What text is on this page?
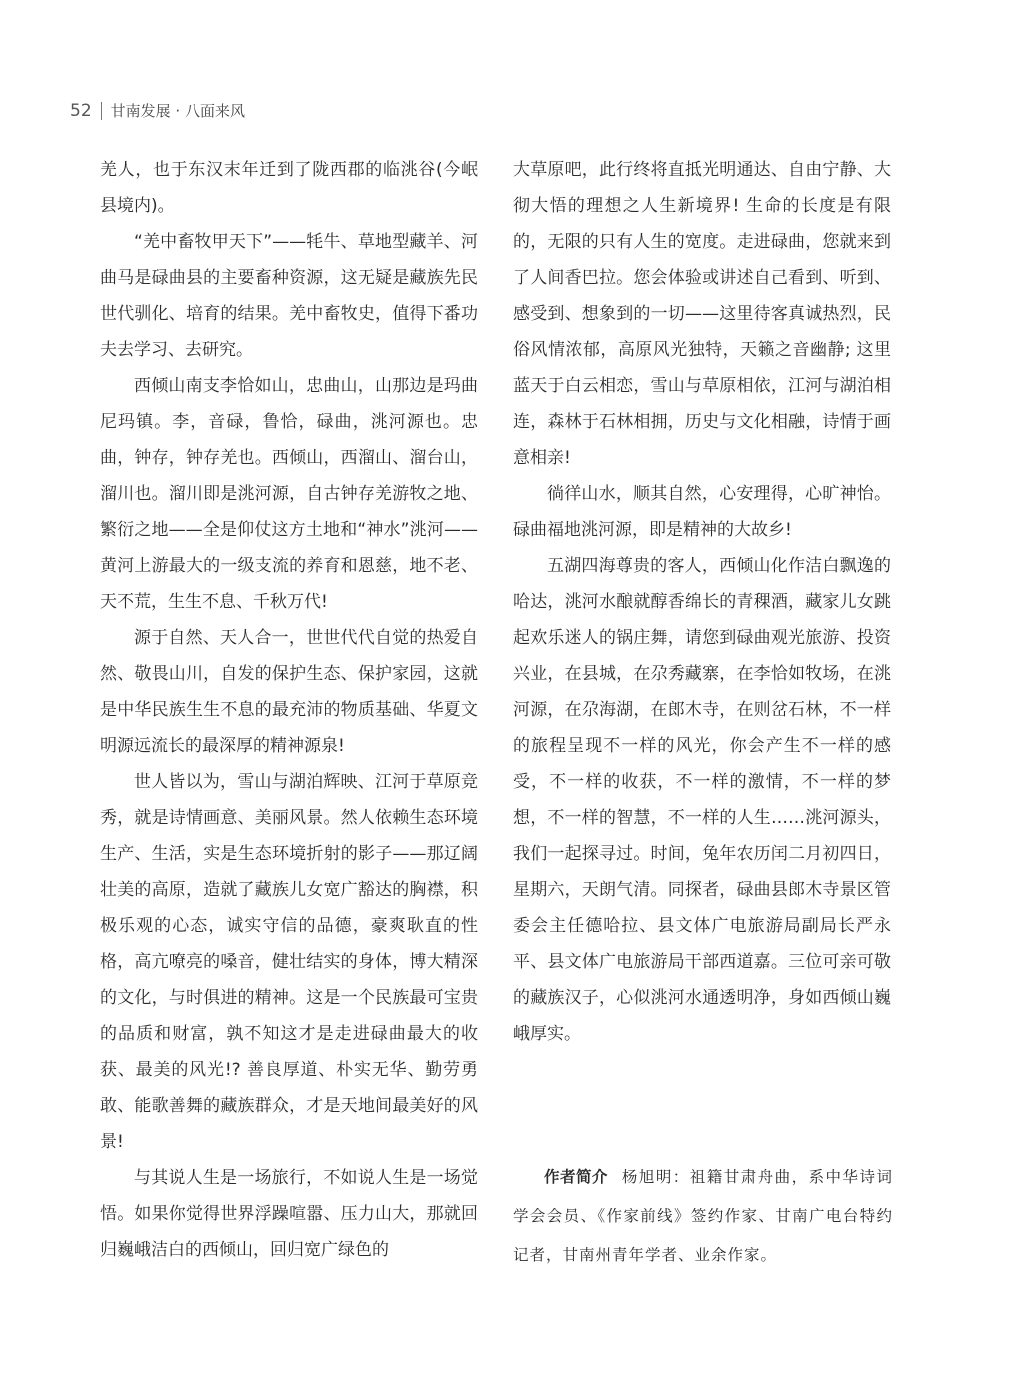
52 甘南发展 · 八面来风

羌人，也于东汉末年迁到了陇西郡的临洮谷(今岷县境内)。

“羌中畜牧甲天下”——牦牛、草地型藏羊、河曲马是碌曲县的主要畜种资源，这无疑是藏族先民世代驯化、培育的结果。羌中畜牧史，值得下番功夫去学习、去研究。

西倾山南支李恰如山，忠曲山，山那边是玛曲尼玛镇。李，音碌，鲁恰，碌曲，洮河源也。忠曲，钟存，钟存羌也。西倾山，西溜山、溜台山，溜川也。溜川即是洮河源，自古钟存羌游牧之地、繁衍之地——全是仰仗这方土地和“神水”洮河——黄河上游最大的一级支流的养育和恩慈，地不老、天不荒，生生不息、千秋万代!

源于自然、天人合一，世世代代自觉的热爱自然、敬畏山川，自发的保护生态、保护家园，这就是中华民族生生不息的最充沛的物质基础、华夏文明源远流长的最深厚的精神源泉!

世人皆以为，雪山与湖泊辉映、江河于草原竞秀，就是诗情画意、美丽风景。然人依赖生态环境生产、生活，实是生态环境折射的影子——那辽阔壮美的高原，造就了藏族儿女宽广豁达的胸襟，积极乐观的心态，诚实守信的品德，豪爽耿直的性格，高亢嘹亮的嗓音，健壮结实的身体，博大精深的文化，与时俱进的精神。这是一个民族最可宝贵的品质和财富，孰不知这才是走进碌曲最大的收获、最美的风光!? 善良厚道、朴实无华、勤劳勇敢、能歌善舞的藏族群众，才是天地间最美好的风景!

与其说人生是一场旅行，不如说人生是一场觉悟。如果你觉得世界浮躁喧嚣、压力山大，那就回归巍峨洁白的西倾山，回归宽广绿色的

大草原吧，此行终将直抵光明通达、自由宁静、大彻大悟的理想之人生新境界! 生命的长度是有限的，无限的只有人生的宽度。走进碌曲，您就来到了人间香巴拉。您会体验或讲述自己看到、听到、感受到、想象到的一切——这里待客真诚热烈，民俗风情浓郁，高原风光独特，天籁之音幽静; 这里蓝天于白云相恋，雪山与草原相依，江河与湖泊相连，森林于石林相拥，历史与文化相融，诗情于画意相亲!

徜徉山水，顺其自然，心安理得，心旷神怡。碌曲福地洮河源，即是精神的大故乡!

五湖四海尊贵的客人，西倾山化作洁白飘逸的哈达，洮河水酿就醇香绵长的青稞酒，藏家儿女跳起欢乐迷人的锅庄舞，请您到碌曲观光旅游、投资兴业，在县城，在尕秀藏寨，在李恰如牧场，在洮河源，在尕海湖，在郎木寺，在则岔石林，不一样的旅程呈现不一样的风光，你会产生不一样的感受，不一样的收获，不一样的激情，不一样的梦想，不一样的智慧，不一样的人生……洮河源头，我们一起探寻过。时间，兔年农历闰二月初四日，星期六，天朗气清。同探者，碌曲县郎木寺景区管委会主任德哈拉、县文体广电旅游局副局长严永平、县文体广电旅游局干部西道嘉。三位可亲可敬的藏族汉子，心似洮河水通透明净，身如西倾山巍峨厚实。

作者简介 杨旭明：祖籍甘肃舟曲，系中华诗词学会会员、《作家前线》签约作家、甘南广电台特约记者，甘南州青年学者、业余作家。
